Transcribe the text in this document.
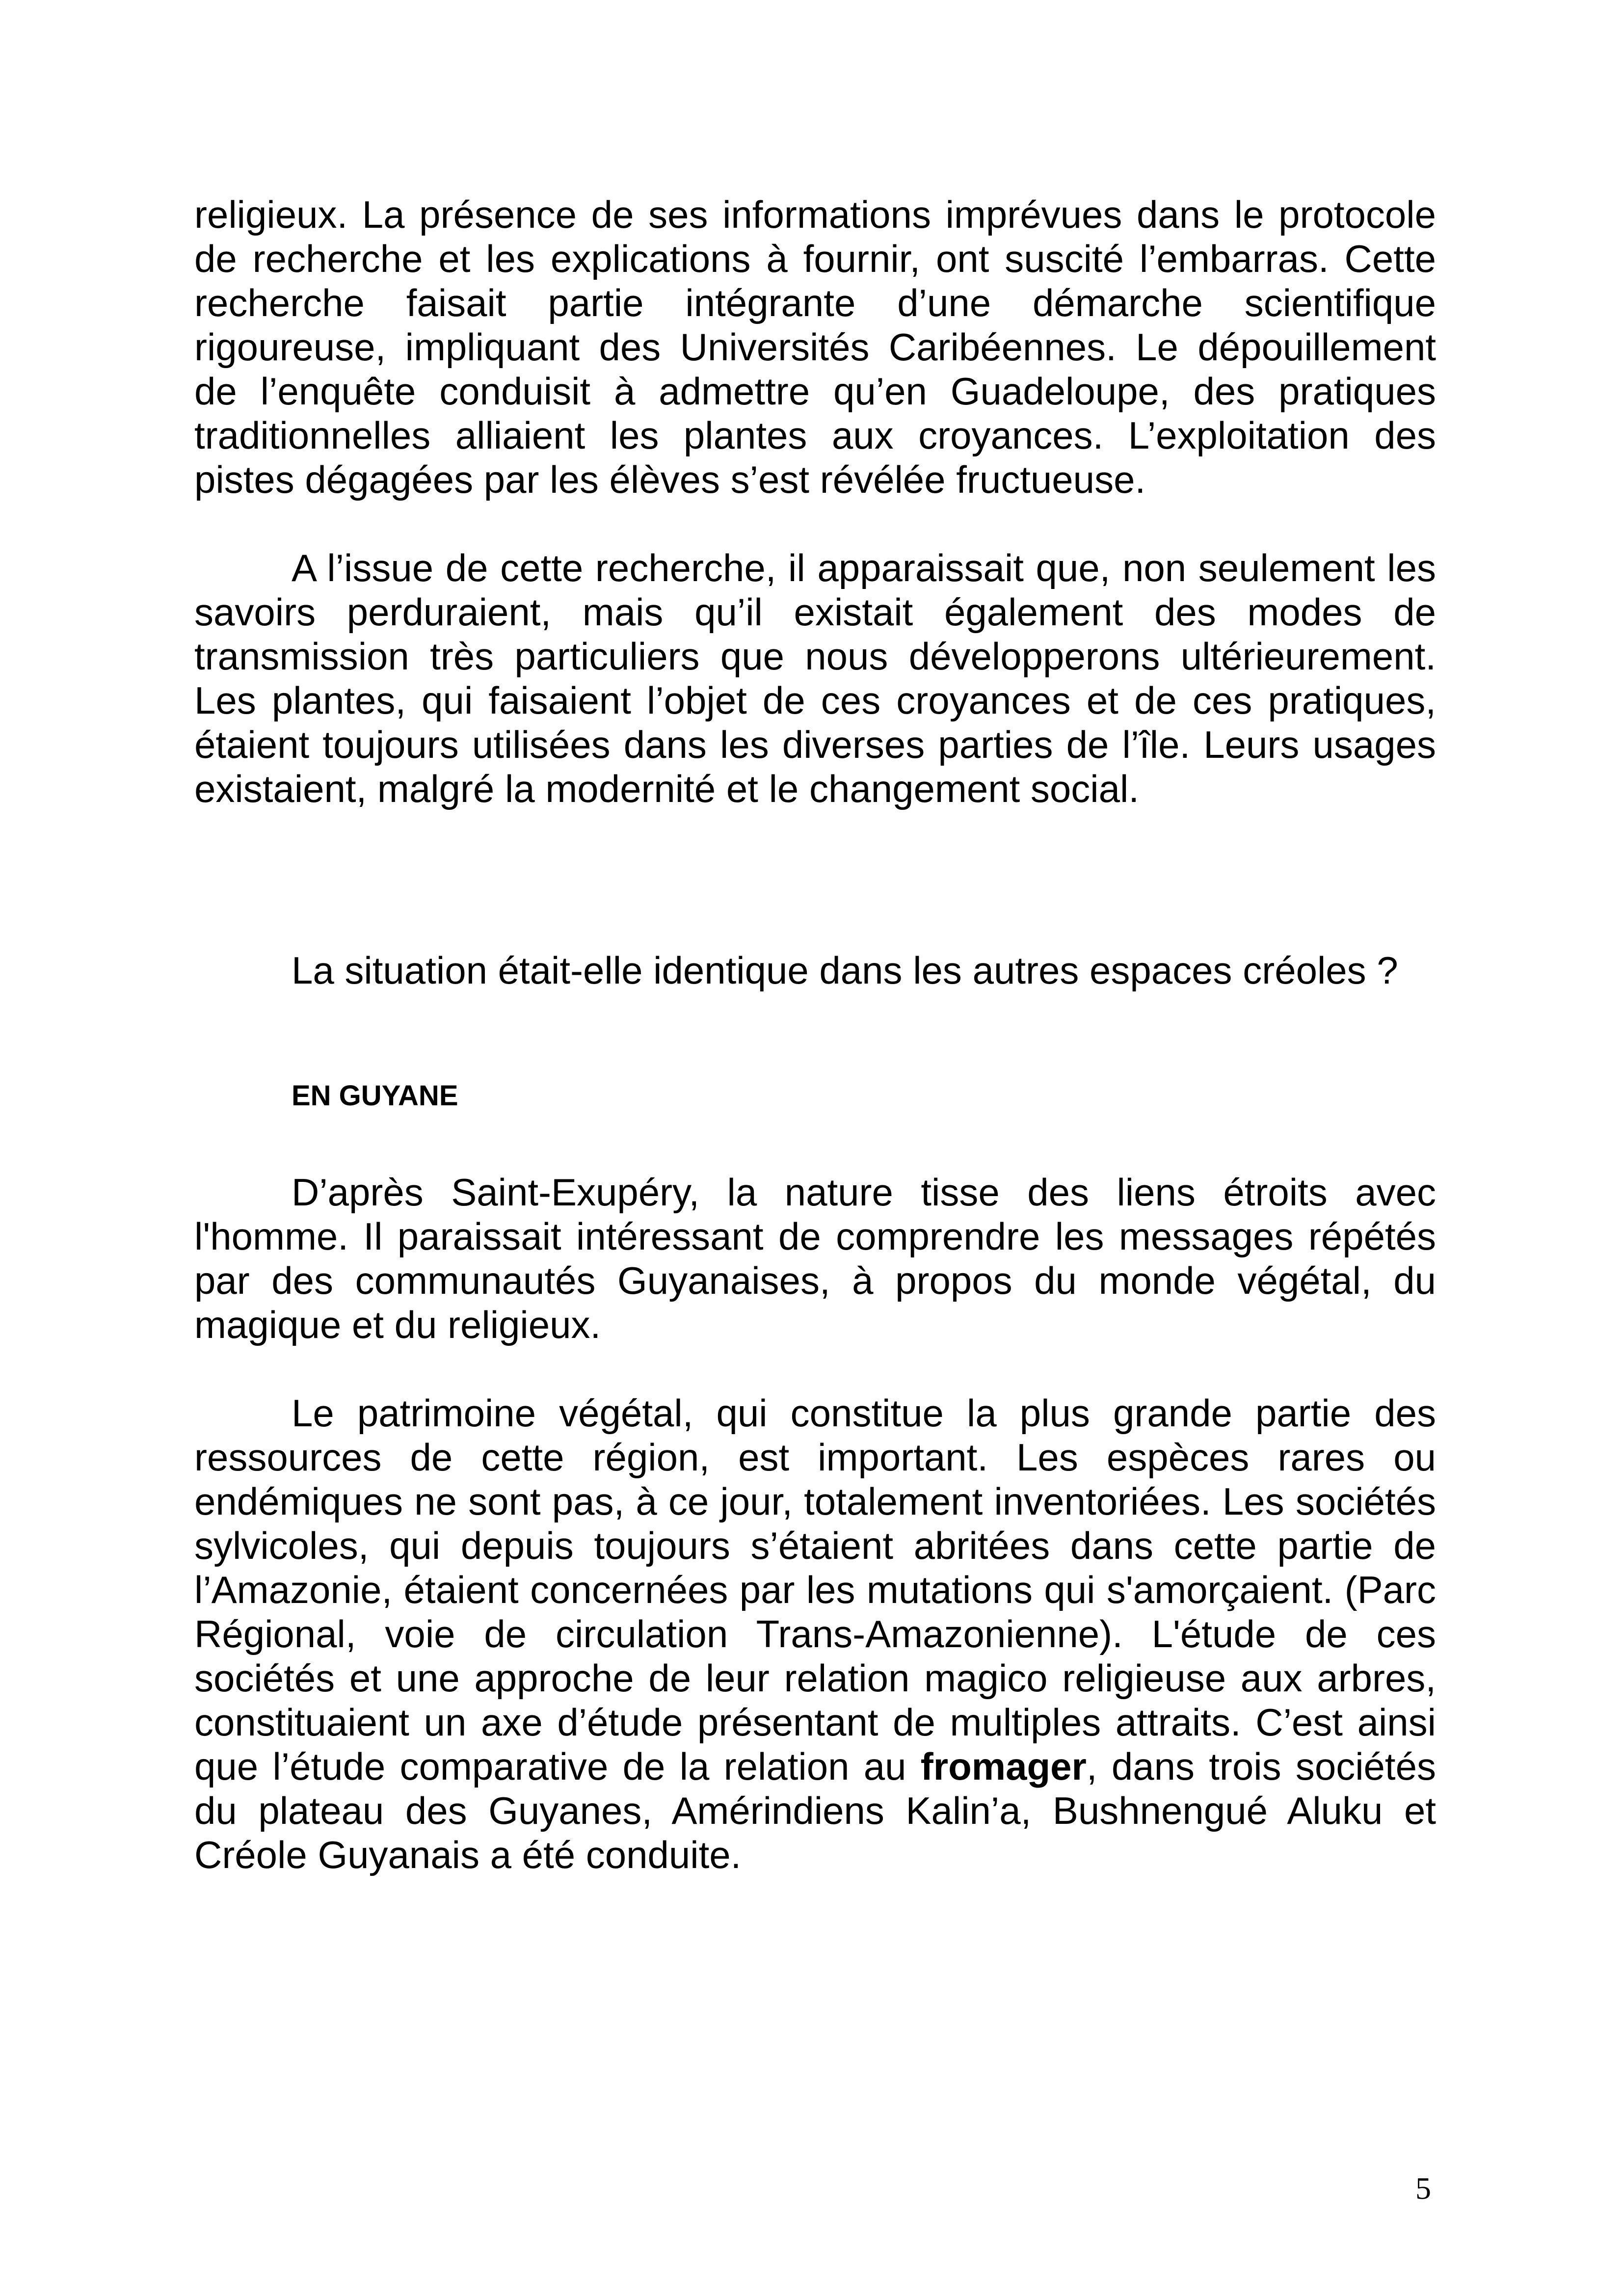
religieux. La présence de ses informations imprévues dans le protocole de recherche et les explications à fournir, ont suscité l’embarras. Cette recherche faisait partie intégrante d’une démarche scientifique rigoureuse, impliquant des Universités Caribéennes. Le dépouillement de l’enquête conduisit à admettre qu’en Guadeloupe, des pratiques traditionnelles alliaient les plantes aux croyances. L’exploitation des pistes dégagées par les élèves s’est révélée fructueuse.

A l’issue de cette recherche, il apparaissait que, non seulement les savoirs perduraient, mais qu’il existait également des modes de transmission très particuliers que nous développerons ultérieurement. Les plantes, qui faisaient l’objet de ces croyances et de ces pratiques, étaient toujours utilisées dans les diverses parties de l’île. Leurs usages existaient, malgré la modernité et le changement social.

La situation était-elle identique dans les autres espaces créoles ?

EN GUYANE

D’après Saint-Exupéry, la nature tisse des liens étroits avec l'homme. Il paraissait intéressant de comprendre les messages répétés par des communautés Guyanaises, à propos du monde végétal, du magique et du religieux.

Le patrimoine végétal, qui constitue la plus grande partie des ressources de cette région, est important. Les espèces rares ou endémiques ne sont pas, à ce jour, totalement inventoriées. Les sociétés sylvicoles, qui depuis toujours s’étaient abritées dans cette partie de l’Amazonie, étaient concernées par les mutations qui s'amorçaient. (Parc Régional, voie de circulation Trans-Amazonienne). L'étude de ces sociétés et une approche de leur relation magico religieuse aux arbres, constituaient un axe d’étude présentant de multiples attraits. C’est ainsi que l’étude comparative de la relation au fromager, dans trois sociétés du plateau des Guyanes, Amérindiens Kalin’a, Bushnengué Aluku et Créole Guyanais a été conduite.

5
